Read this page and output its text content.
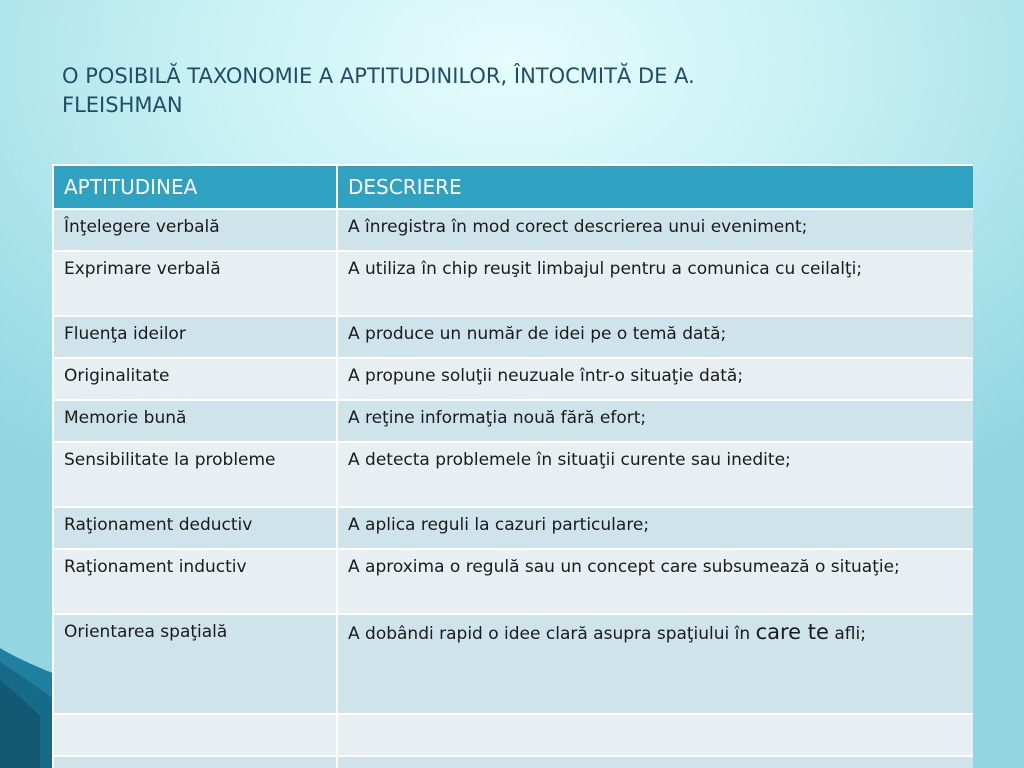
O POSIBILĂ TAXONOMIE A APTITUDINILOR, ÎNTOCMITĂ DE A.
FLEISHMAN
APTITUDINEA	DESCRIERE
Înţelegere verbală	A înregistra în mod corect descrierea unui eveniment;
Exprimare verbală	A utiliza în chip reuşit limbajul pentru a comunica cu ceilalţi;
Fluenţa ideilor	A produce un număr de idei pe o temă dată;
Originalitate	A propune soluţii neuzuale într-o situaţie dată;
Memorie bună	A reţine informaţia nouă fără efort;
Sensibilitate la probleme	A detecta problemele în situaţii curente sau inedite;
Raţionament deductiv	A aplica reguli la cazuri particulare;
Raţionament inductiv	A aproxima o regulă sau un concept care subsumează o situaţie;
Orientarea spaţială	A dobândi rapid o idee clară asupra spaţiului în care te afli;
